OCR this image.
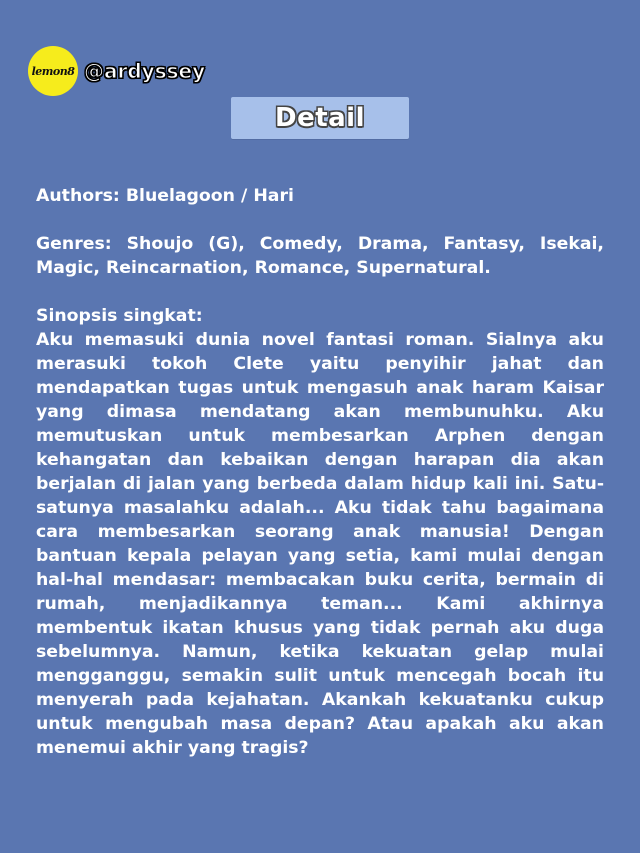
lemon8 @ardyssey
Detail

Authors: Bluelagoon / Hari

Genres: Shoujo (G), Comedy, Drama, Fantasy, Isekai, Magic, Reincarnation, Romance, Supernatural.

Sinopsis singkat:

Aku memasuki dunia novel fantasi roman. Sialnya aku merasuki tokoh Clete yaitu penyihir jahat dan mendapatkan tugas untuk mengasuh anak haram Kaisar yang dimasa mendatang akan membunuhku. Aku memutuskan untuk membesarkan Arphen dengan kehangatan dan kebaikan dengan harapan dia akan berjalan di jalan yang berbeda dalam hidup kali ini. Satu-satunya masalahku adalah... Aku tidak tahu bagaimana cara membesarkan seorang anak manusia! Dengan bantuan kepala pelayan yang setia, kami mulai dengan hal-hal mendasar: membacakan buku cerita, bermain di rumah, menjadikannya teman... Kami akhirnya membentuk ikatan khusus yang tidak pernah aku duga sebelumnya. Namun, ketika kekuatan gelap mulai mengganggu, semakin sulit untuk mencegah bocah itu menyerah pada kejahatan. Akankah kekuatanku cukup untuk mengubah masa depan? Atau apakah aku akan menemui akhir yang tragis?
